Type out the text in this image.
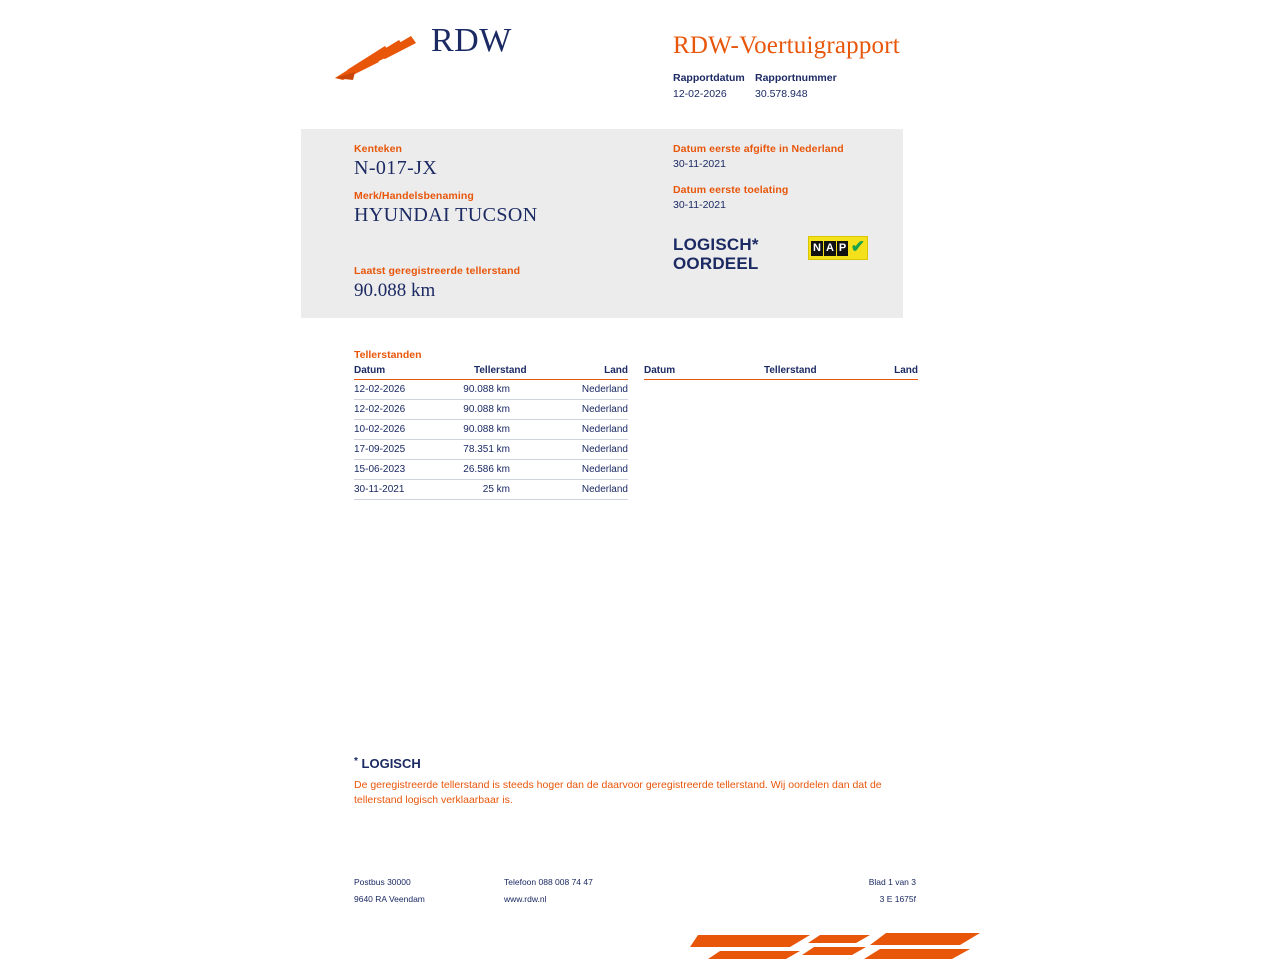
RDW	RDW-Voertuigrapport
Rapportdatum Rapportnummer
12-02-2026	30.578.948
Kenteken
N-017-JX
Merk/Handelsbenaming
HYUNDAI TUCSON
Datum eerste afgifte in Nederland
30-11-2021
Datum eerste toelating
30-11-2021
Laatst geregistreerde tellerstand
90.088 km
LOGISCH*
OORDEEL
N A P ✔
Tellerstanden
Datum	Tellerstand	Land
12-02-2026	90.088 km	Nederland
12-02-2026	90.088 km	Nederland
10-02-2026	90.088 km	Nederland
17-09-2025	78.351 km	Nederland
15-06-2023	26.586 km	Nederland
30-11-2021	25 km	Nederland
Datum	Tellerstand	Land
* LOGISCH
De geregistreerde tellerstand is steeds hoger dan de daarvoor geregistreerde tellerstand. Wij oordelen dan dat de tellerstand logisch verklaarbaar is.
Postbus 30000	Telefoon 088 008 74 47	Blad 1 van 3
9640 RA Veendam	www.rdw.nl	3 E 1675f
